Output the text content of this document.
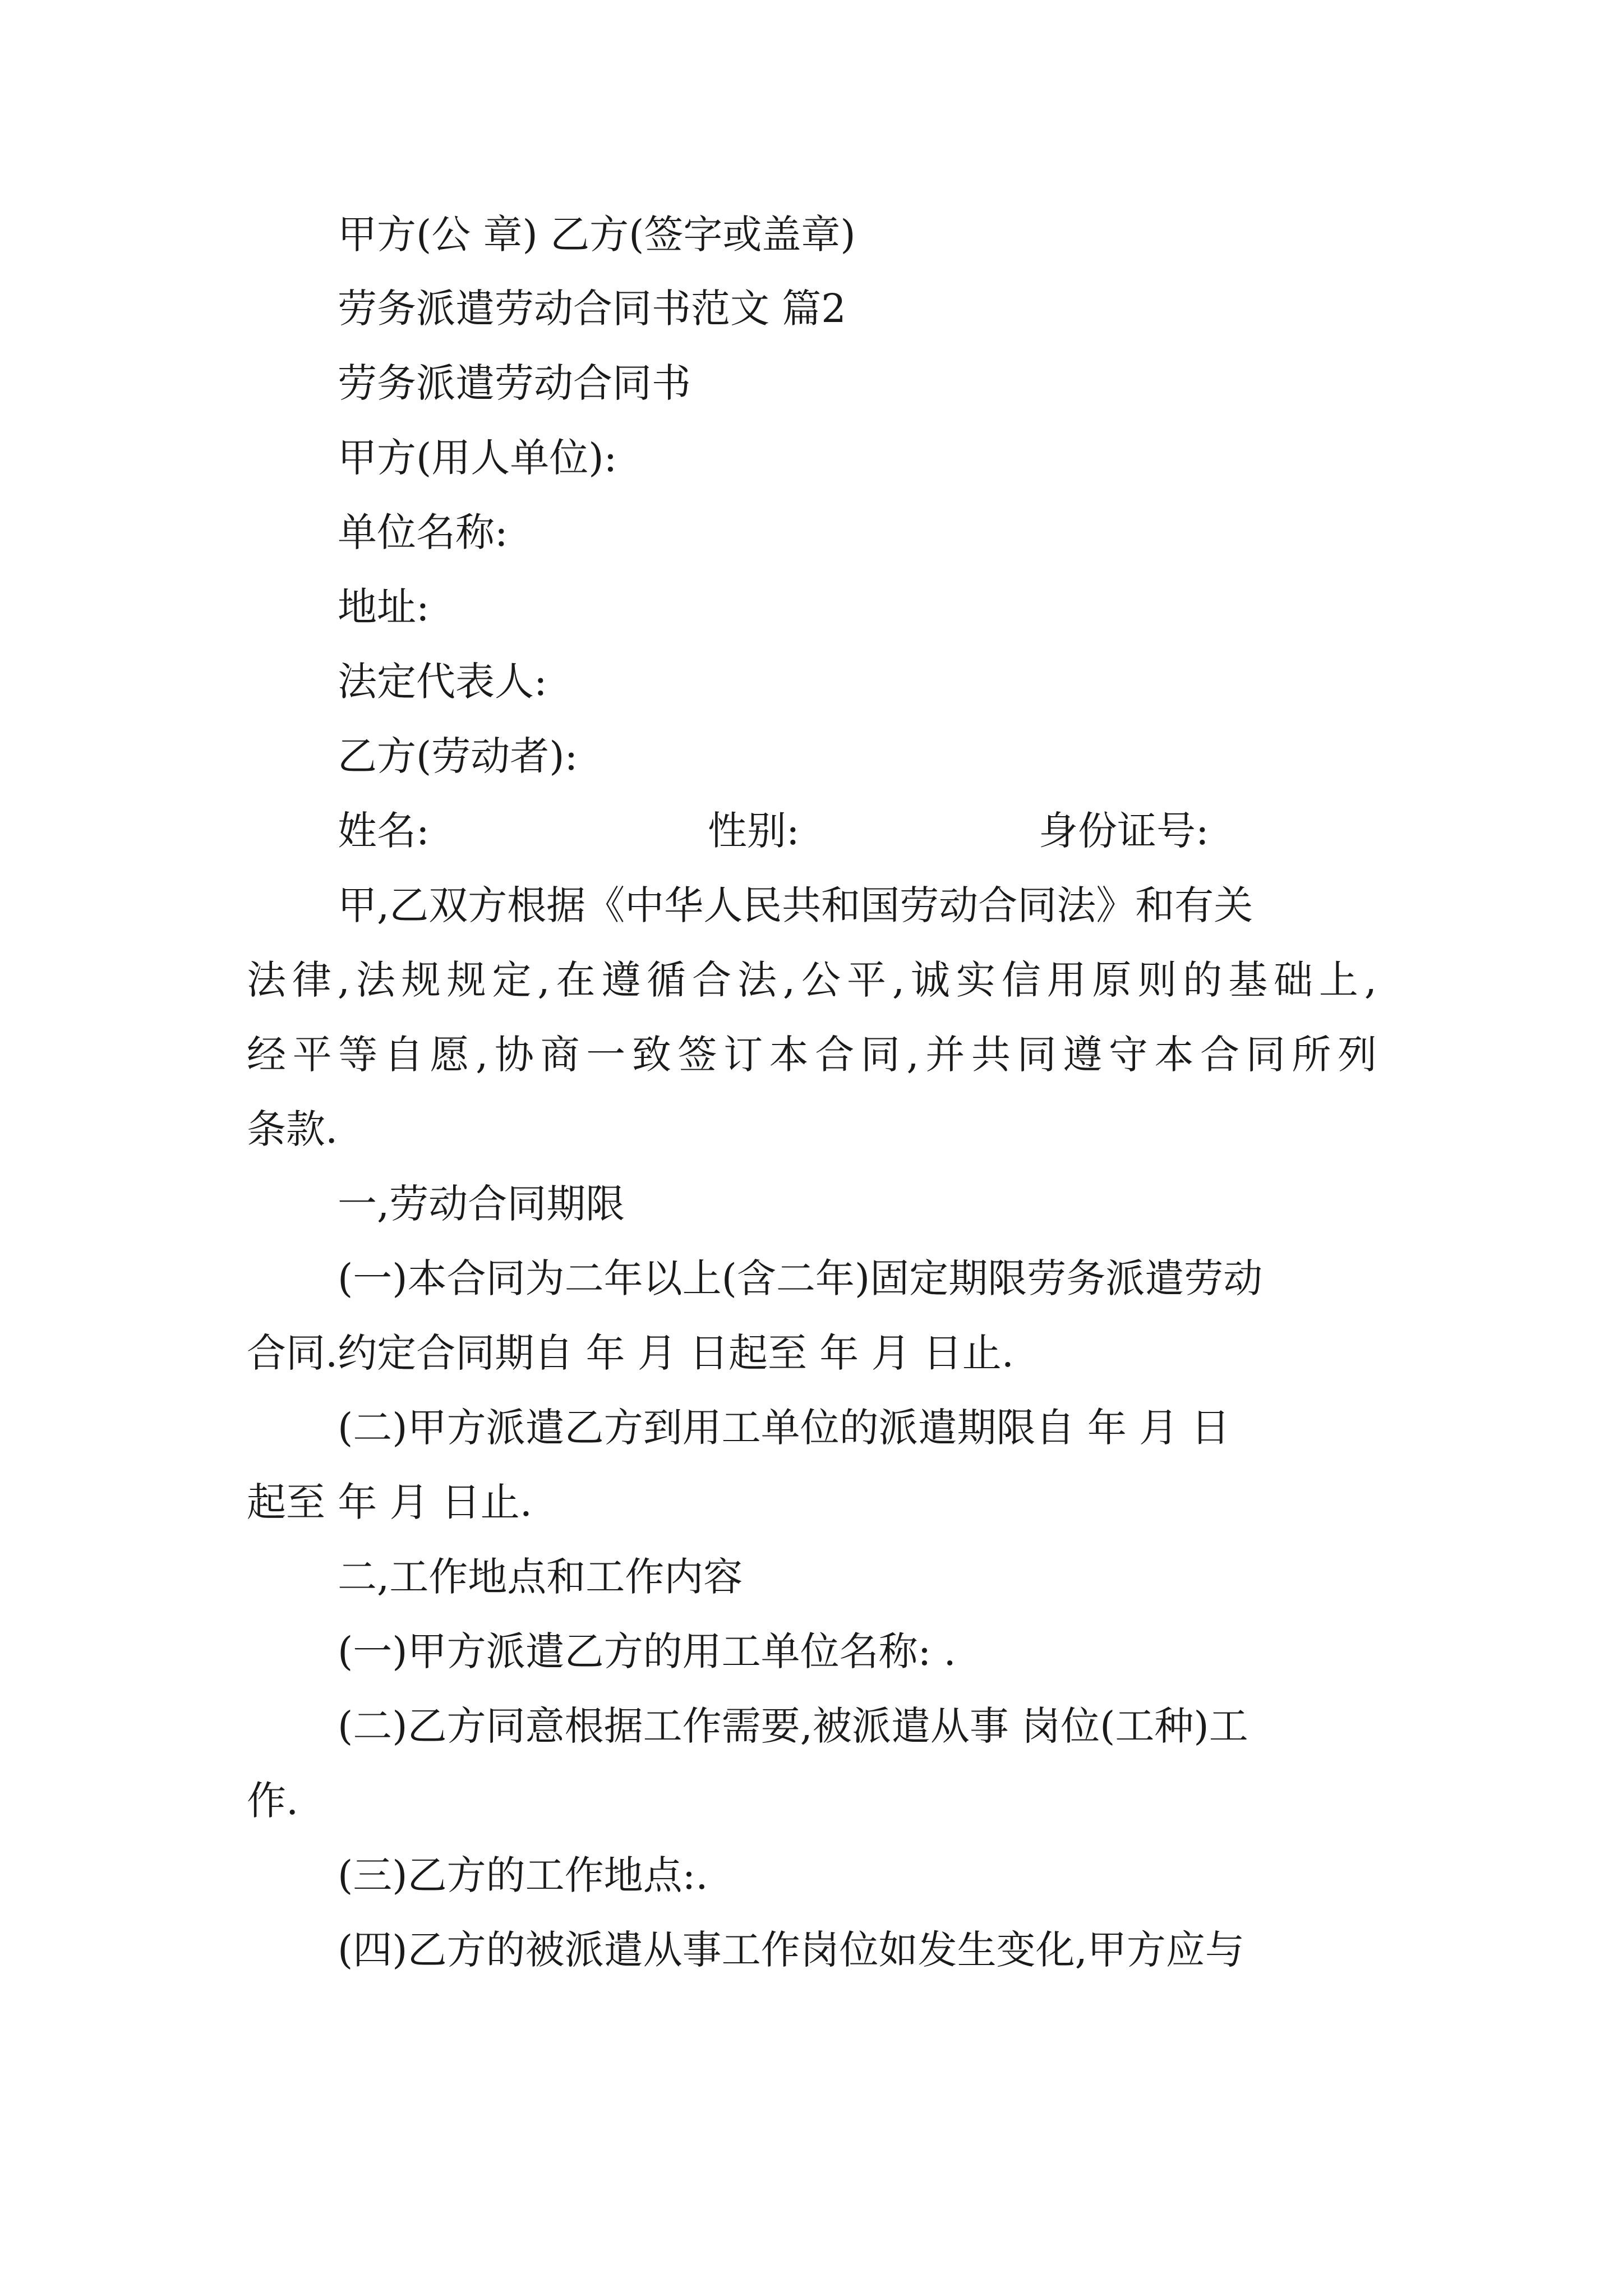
甲方(公 章) 乙方(签字或盖章)
劳务派遣劳动合同书范文 篇2
劳务派遣劳动合同书
甲方(用人单位):
单位名称:
地址:
法定代表人:
乙方(劳动者):
姓名:	性别:	身份证号:
甲,乙双方根据《中华人民共和国劳动合同法》和有关
法律,法规规定,在遵循合法,公平,诚实信用原则的基础上,
经平等自愿,协商一致签订本合同,并共同遵守本合同所列
条款.
一,劳动合同期限
(一)本合同为二年以上(含二年)固定期限劳务派遣劳动
合同.约定合同期自 年 月 日起至 年 月 日止.
(二)甲方派遣乙方到用工单位的派遣期限自 年 月 日
起至 年 月 日止.
二,工作地点和工作内容
(一)甲方派遣乙方的用工单位名称: .
(二)乙方同意根据工作需要,被派遣从事 岗位(工种)工
作.
(三)乙方的工作地点:.
(四)乙方的被派遣从事工作岗位如发生变化,甲方应与
